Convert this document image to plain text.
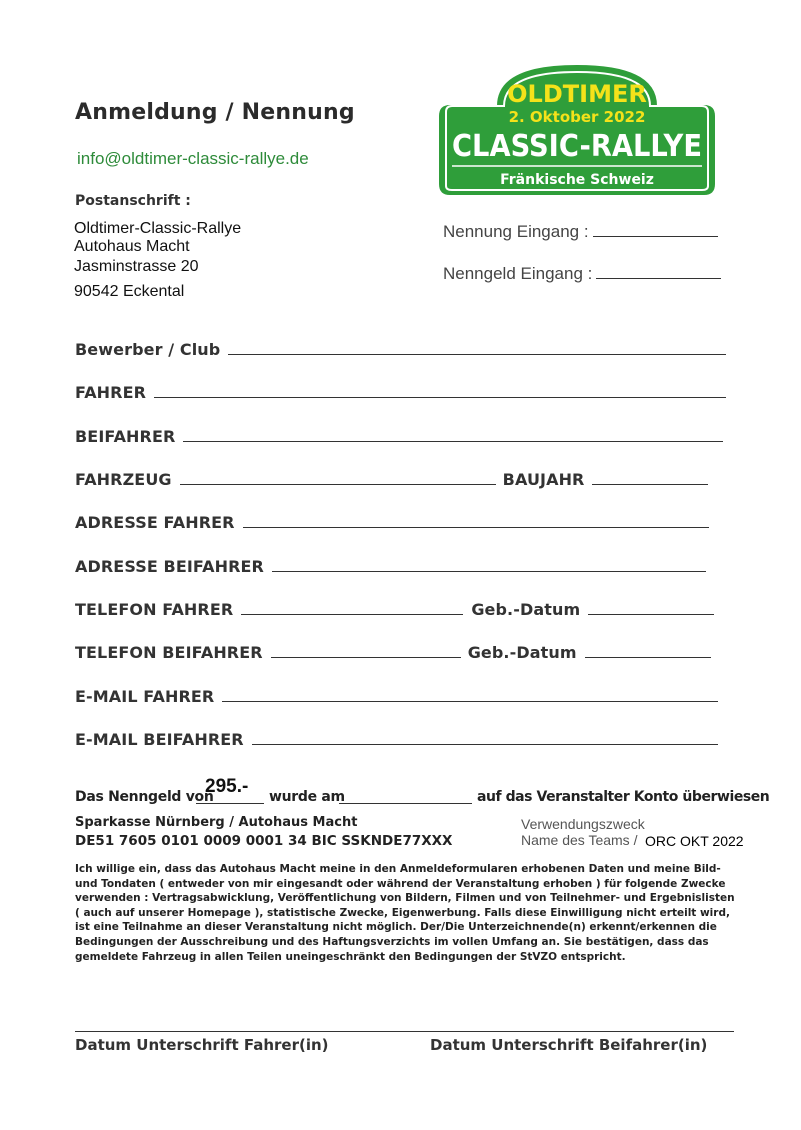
Anmeldung / Nennung
info@oldtimer-classic-rallye.de
Postanschrift :
Oldtimer-Classic-Rallye
Autohaus Macht
Jasminstrasse 20
90542 Eckental
OLDTIMER
2. Oktober 2022
CLASSIC-RALLYE
Fränkische Schweiz
Nennung Eingang :
Nenngeld Eingang :
Bewerber / Club
FAHRER
BEIFAHRER
FAHRZEUG	BAUJAHR
ADRESSE FAHRER
ADRESSE BEIFAHRER
TELEFON FAHRER	Geb.-Datum
TELEFON BEIFAHRER	Geb.-Datum
E-MAIL FAHRER
E-MAIL BEIFAHRER
Das Nenngeld von
295.- wurde am	auf das Veranstalter Konto überwiesen
Sparkasse Nürnberg / Autohaus Macht
DE51 7605 0101 0009 0001 34 BIC SSKNDE77XXX
Verwendungszweck
Name des Teams / ORC OKT 2022
Ich willige ein, dass das Autohaus Macht meine in den Anmeldeformularen erhobenen Daten und meine Bild- und Tondaten ( entweder von mir eingesandt oder während der Veranstaltung erhoben ) für folgende Zwecke verwenden : Vertragsabwicklung, Veröffentlichung von Bildern, Filmen und von Teilnehmer- und Ergebnislisten ( auch auf unserer Homepage ), statistische Zwecke, Eigenwerbung. Falls diese Einwilligung nicht erteilt wird, ist eine Teilnahme an dieser Veranstaltung nicht möglich. Der/Die Unterzeichnende(n) erkennt/erkennen die Bedingungen der Ausschreibung und des Haftungsverzichts im vollen Umfang an. Sie bestätigen, dass das gemeldete Fahrzeug in allen Teilen uneingeschränkt den Bedingungen der StVZO entspricht.
Datum Unterschrift Fahrer(in)	Datum Unterschrift Beifahrer(in)
